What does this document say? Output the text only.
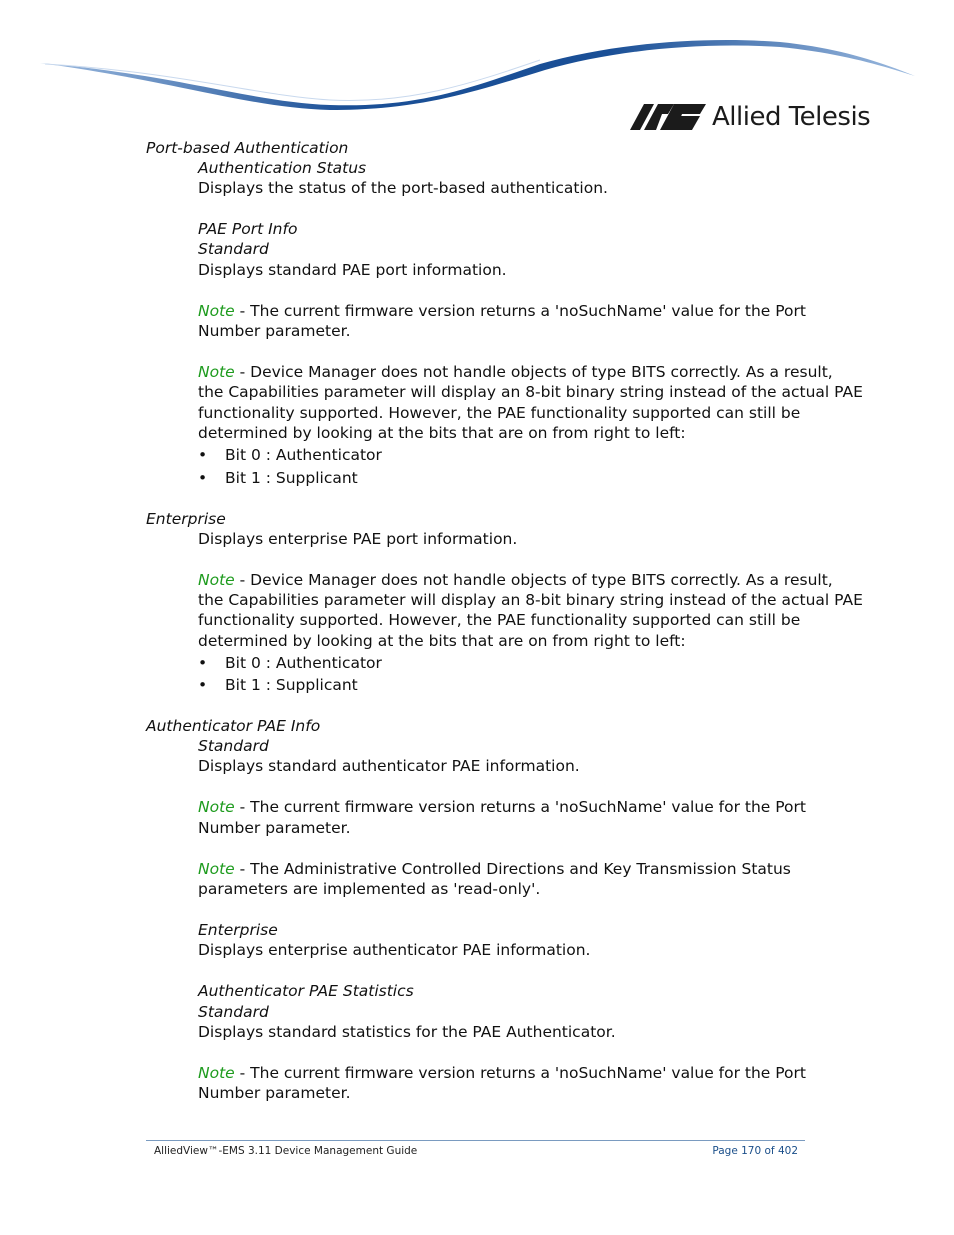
Allied Telesis
Port-based Authentication
Authentication Status
Displays the status of the port-based authentication.
PAE Port Info
Standard
Displays standard PAE port information.
Note - The current firmware version returns a 'noSuchName' value for the Port
Number parameter.
Note - Device Manager does not handle objects of type BITS correctly. As a result,
the Capabilities parameter will display an 8-bit binary string instead of the actual PAE
functionality supported. However, the PAE functionality supported can still be
determined by looking at the bits that are on from right to left:
• Bit 0 : Authenticator
• Bit 1 : Supplicant
Enterprise
Displays enterprise PAE port information.
Note - Device Manager does not handle objects of type BITS correctly. As a result,
the Capabilities parameter will display an 8-bit binary string instead of the actual PAE
functionality supported. However, the PAE functionality supported can still be
determined by looking at the bits that are on from right to left:
• Bit 0 : Authenticator
• Bit 1 : Supplicant
Authenticator PAE Info
Standard
Displays standard authenticator PAE information.
Note - The current firmware version returns a 'noSuchName' value for the Port
Number parameter.
Note - The Administrative Controlled Directions and Key Transmission Status
parameters are implemented as 'read-only'.
Enterprise
Displays enterprise authenticator PAE information.
Authenticator PAE Statistics
Standard
Displays standard statistics for the PAE Authenticator.
Note - The current firmware version returns a 'noSuchName' value for the Port
Number parameter.
AlliedView™-EMS 3.11 Device Management Guide	Page 170 of 402
